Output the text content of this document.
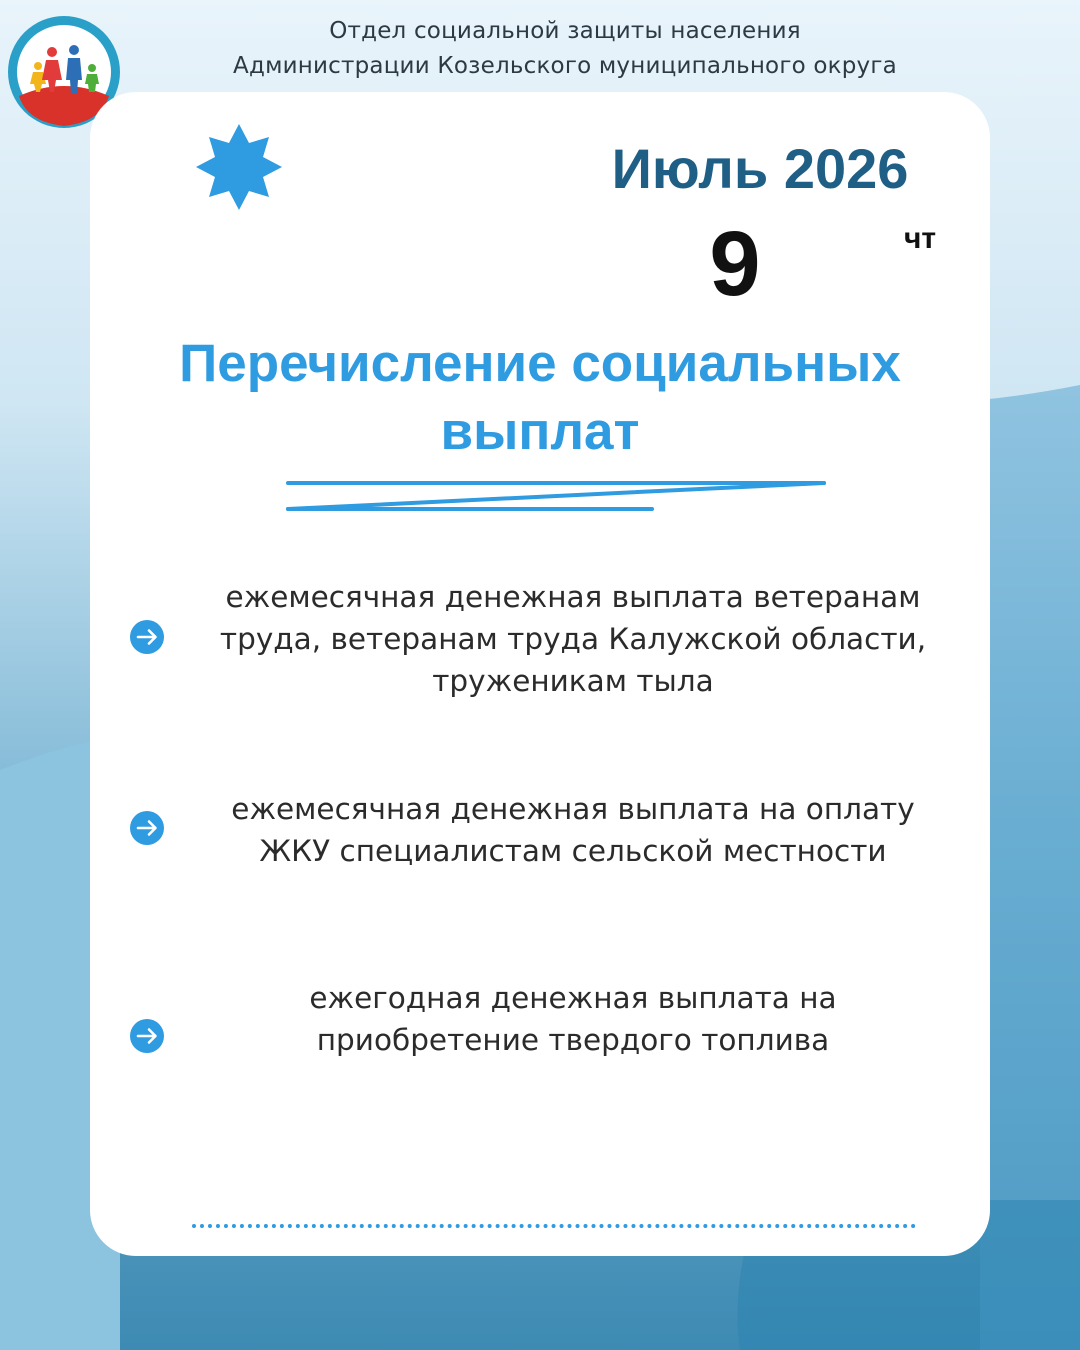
Отдел социальной защиты населения
Администрации Козельского муниципального округа
Июль 2026
9	чт
Перечисление социальных
выплат
ежемесячная денежная выплата ветеранам
труда, ветеранам труда Калужской области,
труженикам тыла
ежемесячная денежная выплата на оплату
ЖКУ специалистам сельской местности
ежегодная денежная выплата на
приобретение твердого топлива
